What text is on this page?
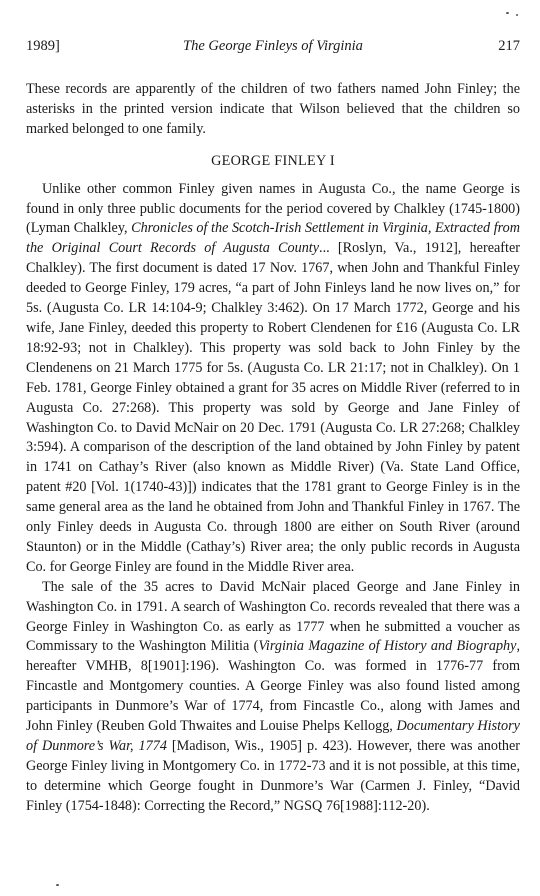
1989]	The George Finleys of Virginia	217

These records are apparently of the children of two fathers named John Finley; the asterisks in the printed version indicate that Wilson believed that the children so marked belonged to one family.

GEORGE FINLEY I

Unlike other common Finley given names in Augusta Co., the name George is found in only three public documents for the period covered by Chalkley (1745-1800) (Lyman Chalkley, Chronicles of the Scotch-Irish Settlement in Virginia, Extracted from the Original Court Records of Augusta County... [Roslyn, Va., 1912], hereafter Chalkley). The first document is dated 17 Nov. 1767, when John and Thankful Finley deeded to George Finley, 179 acres, “a part of John Finleys land he now lives on,” for 5s. (Augusta Co. LR 14:104-9; Chalkley 3:462). On 17 March 1772, George and his wife, Jane Finley, deeded this property to Robert Clendenen for £16 (Augusta Co. LR 18:92-93; not in Chalkley). This property was sold back to John Finley by the Clendenens on 21 March 1775 for 5s. (Augusta Co. LR 21:17; not in Chalkley). On 1 Feb. 1781, George Finley obtained a grant for 35 acres on Middle River (referred to in Augusta Co. 27:268). This property was sold by George and Jane Finley of Washington Co. to David McNair on 20 Dec. 1791 (Augusta Co. LR 27:268; Chalkley 3:594). A comparison of the description of the land obtained by John Finley by patent in 1741 on Cathay’s River (also known as Middle River) (Va. State Land Office, patent #20 [Vol. 1(1740-43)]) indicates that the 1781 grant to George Finley is in the same general area as the land he obtained from John and Thankful Finley in 1767. The only Finley deeds in Augusta Co. through 1800 are either on South River (around Staunton) or in the Middle (Cathay’s) River area; the only public records in Augusta Co. for George Finley are found in the Middle River area.

The sale of the 35 acres to David McNair placed George and Jane Finley in Washington Co. in 1791. A search of Washington Co. records revealed that there was a George Finley in Washington Co. as early as 1777 when he submitted a voucher as Commissary to the Washington Militia (Virginia Magazine of History and Biography, hereafter VMHB, 8[1901]:196). Washington Co. was formed in 1776-77 from Fincastle and Montgomery counties. A George Finley was also found listed among participants in Dunmore’s War of 1774, from Fincastle Co., along with James and John Finley (Reuben Gold Thwaites and Louise Phelps Kellogg, Documentary History of Dunmore’s War, 1774 [Madison, Wis., 1905] p. 423). However, there was another George Finley living in Montgomery Co. in 1772-73 and it is not possible, at this time, to determine which George fought in Dunmore’s War (Carmen J. Finley, “David Finley (1754-1848): Correcting the Record,” NGSQ 76[1988]:112-20).
